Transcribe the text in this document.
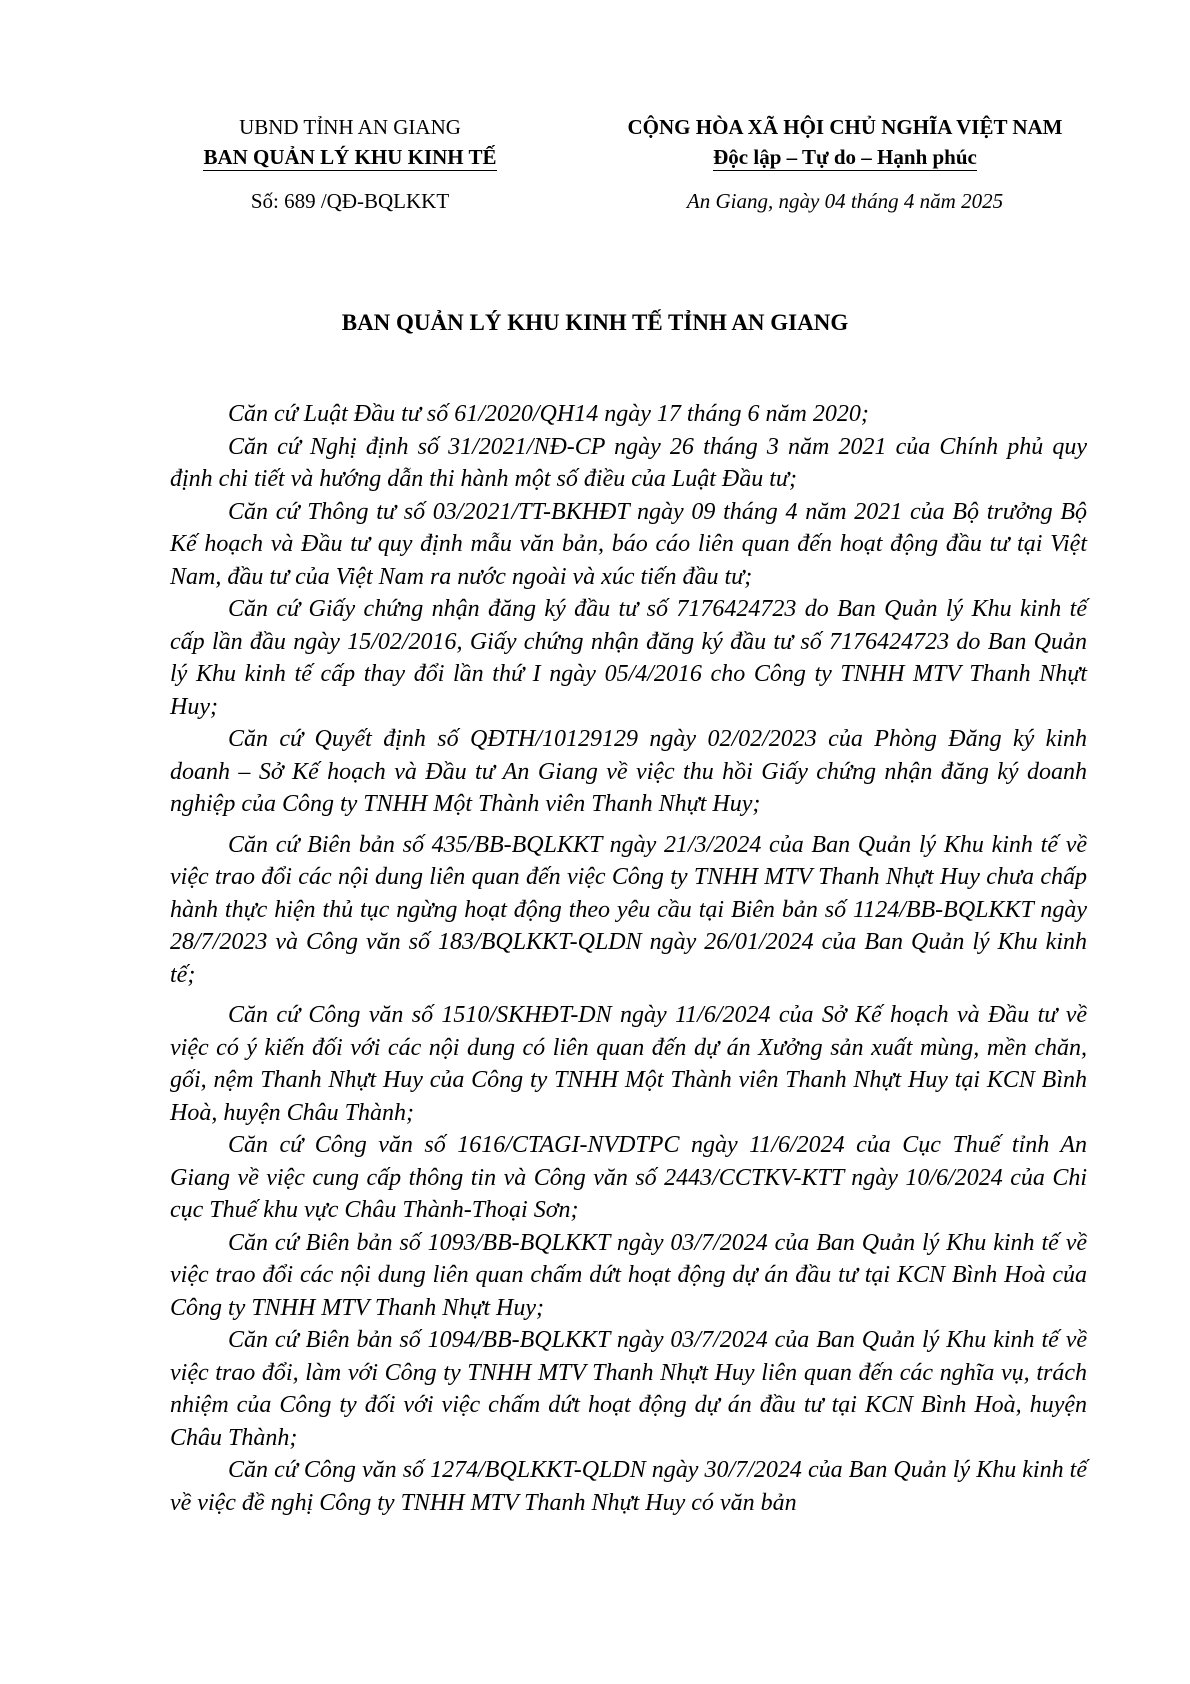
UBND TỈNH AN GIANG
BAN QUẢN LÝ KHU KINH TẾ
Số: 689 /QĐ-BQLKKT
CỘNG HÒA XÃ HỘI CHỦ NGHĨA VIỆT NAM
Độc lập – Tự do – Hạnh phúc
An Giang, ngày 04 tháng 4 năm 2025
BAN QUẢN LÝ KHU KINH TẾ TỈNH AN GIANG

Căn cứ Luật Đầu tư số 61/2020/QH14 ngày 17 tháng 6 năm 2020;

Căn cứ Nghị định số 31/2021/NĐ-CP ngày 26 tháng 3 năm 2021 của Chính phủ quy định chi tiết và hướng dẫn thi hành một số điều của Luật Đầu tư;

Căn cứ Thông tư số 03/2021/TT-BKHĐT ngày 09 tháng 4 năm 2021 của Bộ trưởng Bộ Kế hoạch và Đầu tư quy định mẫu văn bản, báo cáo liên quan đến hoạt động đầu tư tại Việt Nam, đầu tư của Việt Nam ra nước ngoài và xúc tiến đầu tư;

Căn cứ Giấy chứng nhận đăng ký đầu tư số 7176424723 do Ban Quản lý Khu kinh tế cấp lần đầu ngày 15/02/2016, Giấy chứng nhận đăng ký đầu tư số 7176424723 do Ban Quản lý Khu kinh tế cấp thay đổi lần thứ I ngày 05/4/2016 cho Công ty TNHH MTV Thanh Nhựt Huy;

Căn cứ Quyết định số QĐTH/10129129 ngày 02/02/2023 của Phòng Đăng ký kinh doanh – Sở Kế hoạch và Đầu tư An Giang về việc thu hồi Giấy chứng nhận đăng ký doanh nghiệp của Công ty TNHH Một Thành viên Thanh Nhựt Huy;

Căn cứ Biên bản số 435/BB-BQLKKT ngày 21/3/2024 của Ban Quản lý Khu kinh tế về việc trao đổi các nội dung liên quan đến việc Công ty TNHH MTV Thanh Nhựt Huy chưa chấp hành thực hiện thủ tục ngừng hoạt động theo yêu cầu tại Biên bản số 1124/BB-BQLKKT ngày 28/7/2023 và Công văn số 183/BQLKKT-QLDN ngày 26/01/2024 của Ban Quản lý Khu kinh tế;

Căn cứ Công văn số 1510/SKHĐT-DN ngày 11/6/2024 của Sở Kế hoạch và Đầu tư về việc có ý kiến đối với các nội dung có liên quan đến dự án Xưởng sản xuất mùng, mền chăn, gối, nệm Thanh Nhựt Huy của Công ty TNHH Một Thành viên Thanh Nhựt Huy tại KCN Bình Hoà, huyện Châu Thành;

Căn cứ Công văn số 1616/CTAGI-NVDTPC ngày 11/6/2024 của Cục Thuế tỉnh An Giang về việc cung cấp thông tin và Công văn số 2443/CCTKV-KTT ngày 10/6/2024 của Chi cục Thuế khu vực Châu Thành-Thoại Sơn;

Căn cứ Biên bản số 1093/BB-BQLKKT ngày 03/7/2024 của Ban Quản lý Khu kinh tế về việc trao đổi các nội dung liên quan chấm dứt hoạt động dự án đầu tư tại KCN Bình Hoà của Công ty TNHH MTV Thanh Nhựt Huy;

Căn cứ Biên bản số 1094/BB-BQLKKT ngày 03/7/2024 của Ban Quản lý Khu kinh tế về việc trao đổi, làm với Công ty TNHH MTV Thanh Nhựt Huy liên quan đến các nghĩa vụ, trách nhiệm của Công ty đối với việc chấm dứt hoạt động dự án đầu tư tại KCN Bình Hoà, huyện Châu Thành;

Căn cứ Công văn số 1274/BQLKKT-QLDN ngày 30/7/2024 của Ban Quản lý Khu kinh tế về việc đề nghị Công ty TNHH MTV Thanh Nhựt Huy có văn bản
